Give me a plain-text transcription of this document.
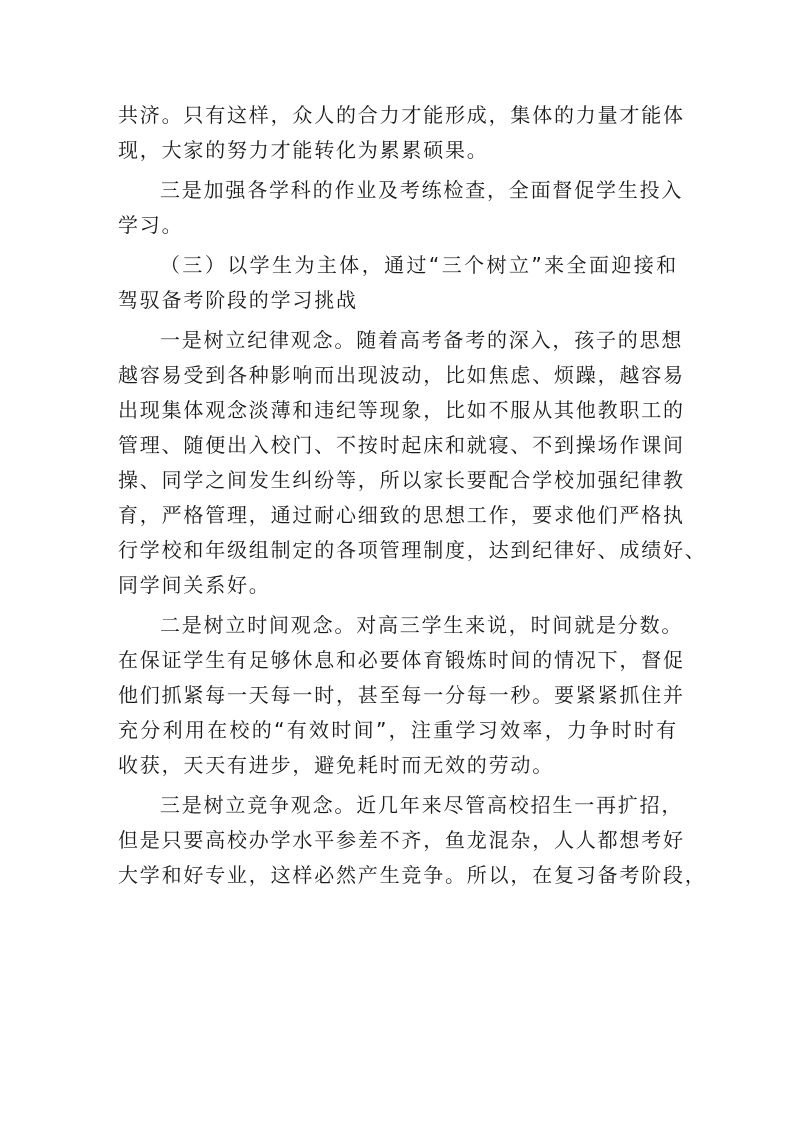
共济。只有这样，众人的合力才能形成，集体的力量才能体
现，大家的努力才能转化为累累硕果。
三是加强各学科的作业及考练检查，全面督促学生投入
学习。
（三）以学生为主体，通过“三个树立”来全面迎接和
驾驭备考阶段的学习挑战
一是树立纪律观念。随着高考备考的深入，孩子的思想
越容易受到各种影响而出现波动，比如焦虑、烦躁，越容易
出现集体观念淡薄和违纪等现象，比如不服从其他教职工的
管理、随便出入校门、不按时起床和就寝、不到操场作课间
操、同学之间发生纠纷等，所以家长要配合学校加强纪律教
育，严格管理，通过耐心细致的思想工作，要求他们严格执
行学校和年级组制定的各项管理制度，达到纪律好、成绩好、
同学间关系好。
二是树立时间观念。对高三学生来说，时间就是分数。
在保证学生有足够休息和必要体育锻炼时间的情况下，督促
他们抓紧每一天每一时，甚至每一分每一秒。要紧紧抓住并
充分利用在校的“有效时间”，注重学习效率，力争时时有
收获，天天有进步，避免耗时而无效的劳动。
三是树立竞争观念。近几年来尽管高校招生一再扩招，
但是只要高校办学水平参差不齐，鱼龙混杂，人人都想考好
大学和好专业，这样必然产生竞争。所以，在复习备考阶段，
